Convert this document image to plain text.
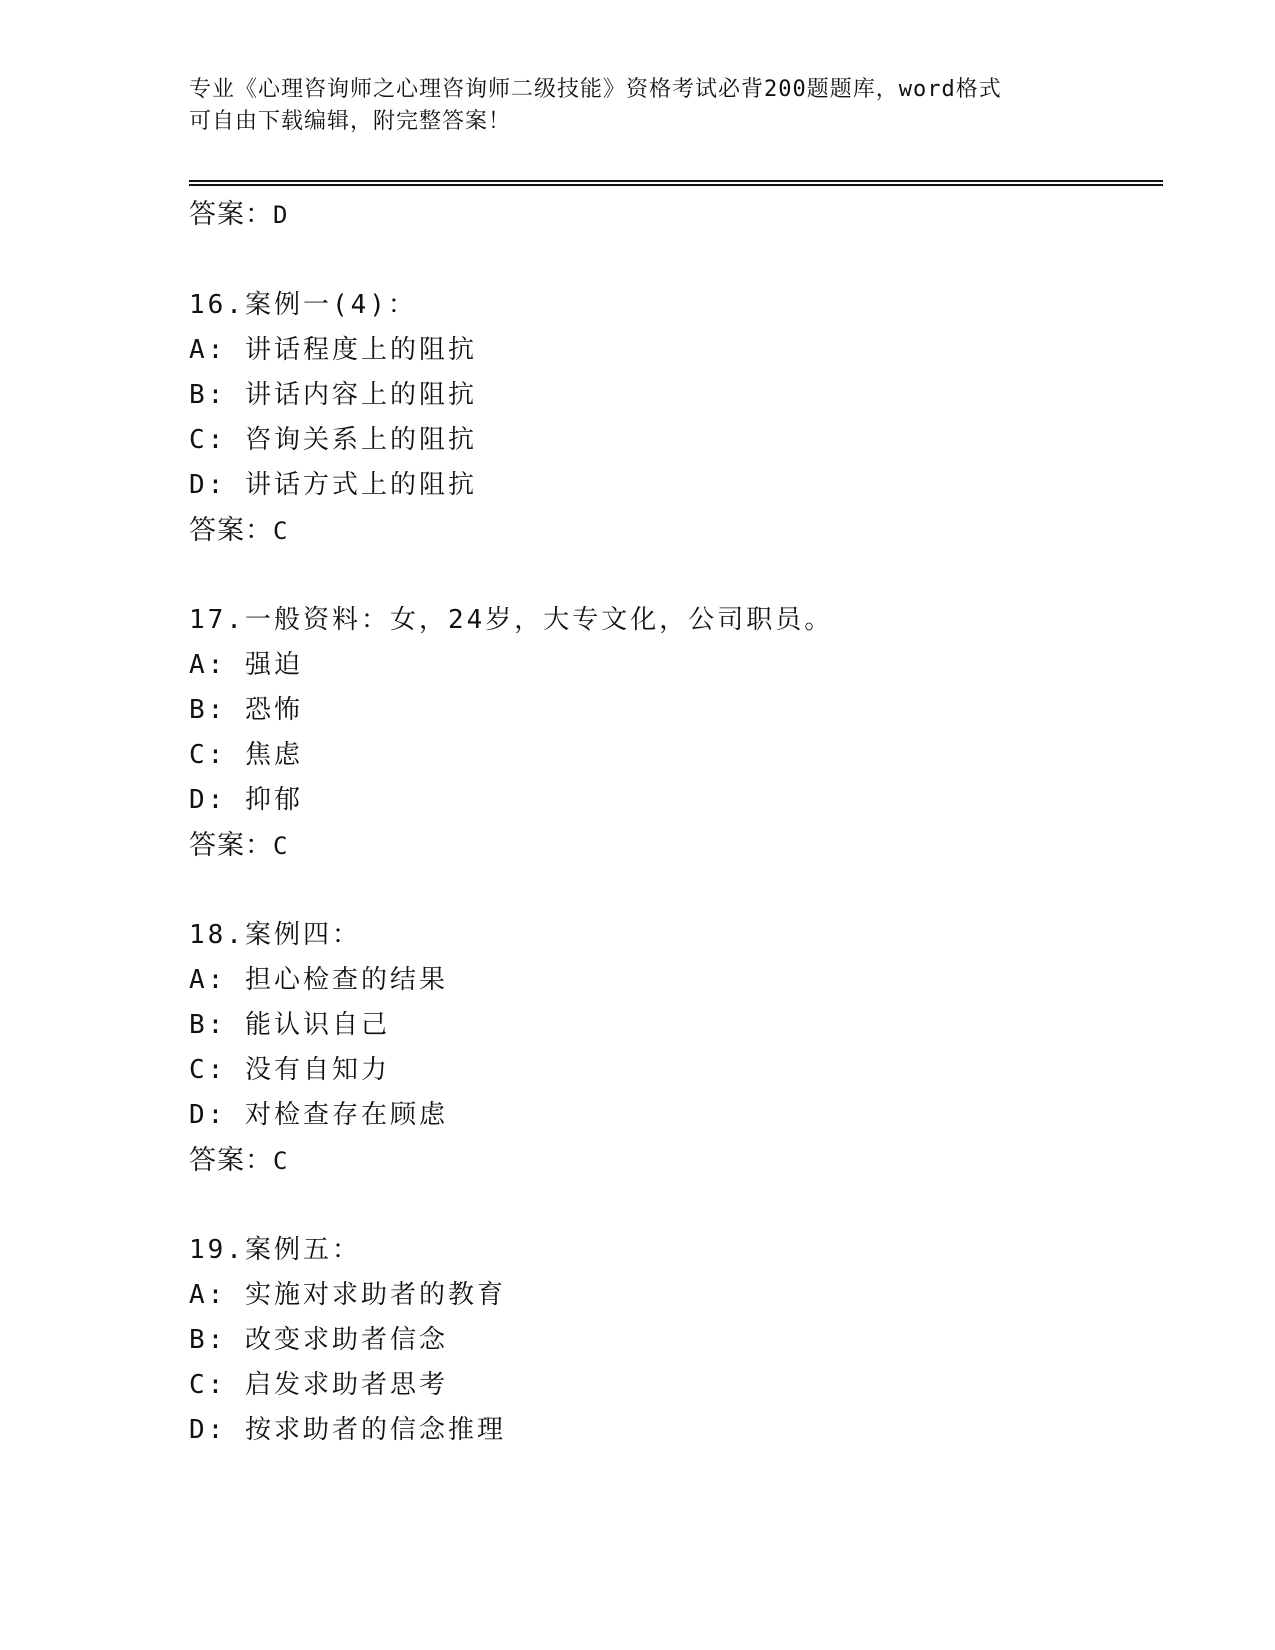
专业《心理咨询师之心理咨询师二级技能》资格考试必背200题题库，word格式
可自由下载编辑，附完整答案！
答案：D
16.案例一(4)：
A: 讲话程度上的阻抗
B: 讲话内容上的阻抗
C: 咨询关系上的阻抗
D: 讲话方式上的阻抗
答案：C
17.一般资料：女，24岁，大专文化，公司职员。
A: 强迫
B: 恐怖
C: 焦虑
D: 抑郁
答案：C
18.案例四：
A: 担心检查的结果
B: 能认识自己
C: 没有自知力
D: 对检查存在顾虑
答案：C
19.案例五：
A: 实施对求助者的教育
B: 改变求助者信念
C: 启发求助者思考
D: 按求助者的信念推理
